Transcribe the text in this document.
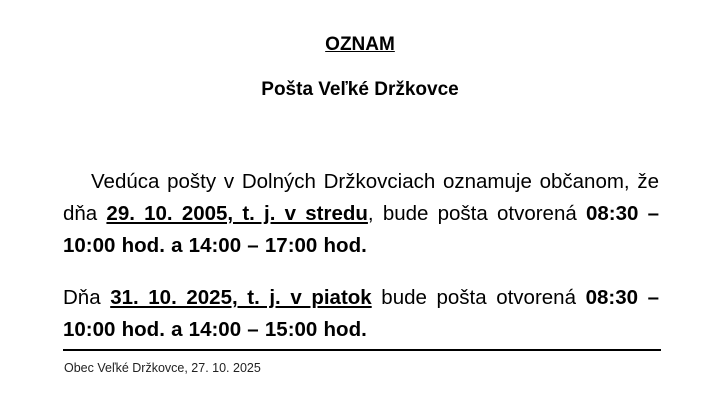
OZNAM
Pošta Veľké Držkovce
Vedúca pošty v Dolných Držkovciach oznamuje občanom, že dňa 29. 10. 2005, t. j. v stredu, bude pošta otvorená 08:30 – 10:00 hod. a 14:00 – 17:00 hod.
Dňa 31. 10. 2025, t. j. v piatok bude pošta otvorená 08:30 – 10:00 hod. a 14:00 – 15:00 hod.
Obec Veľké Držkovce, 27. 10. 2025
